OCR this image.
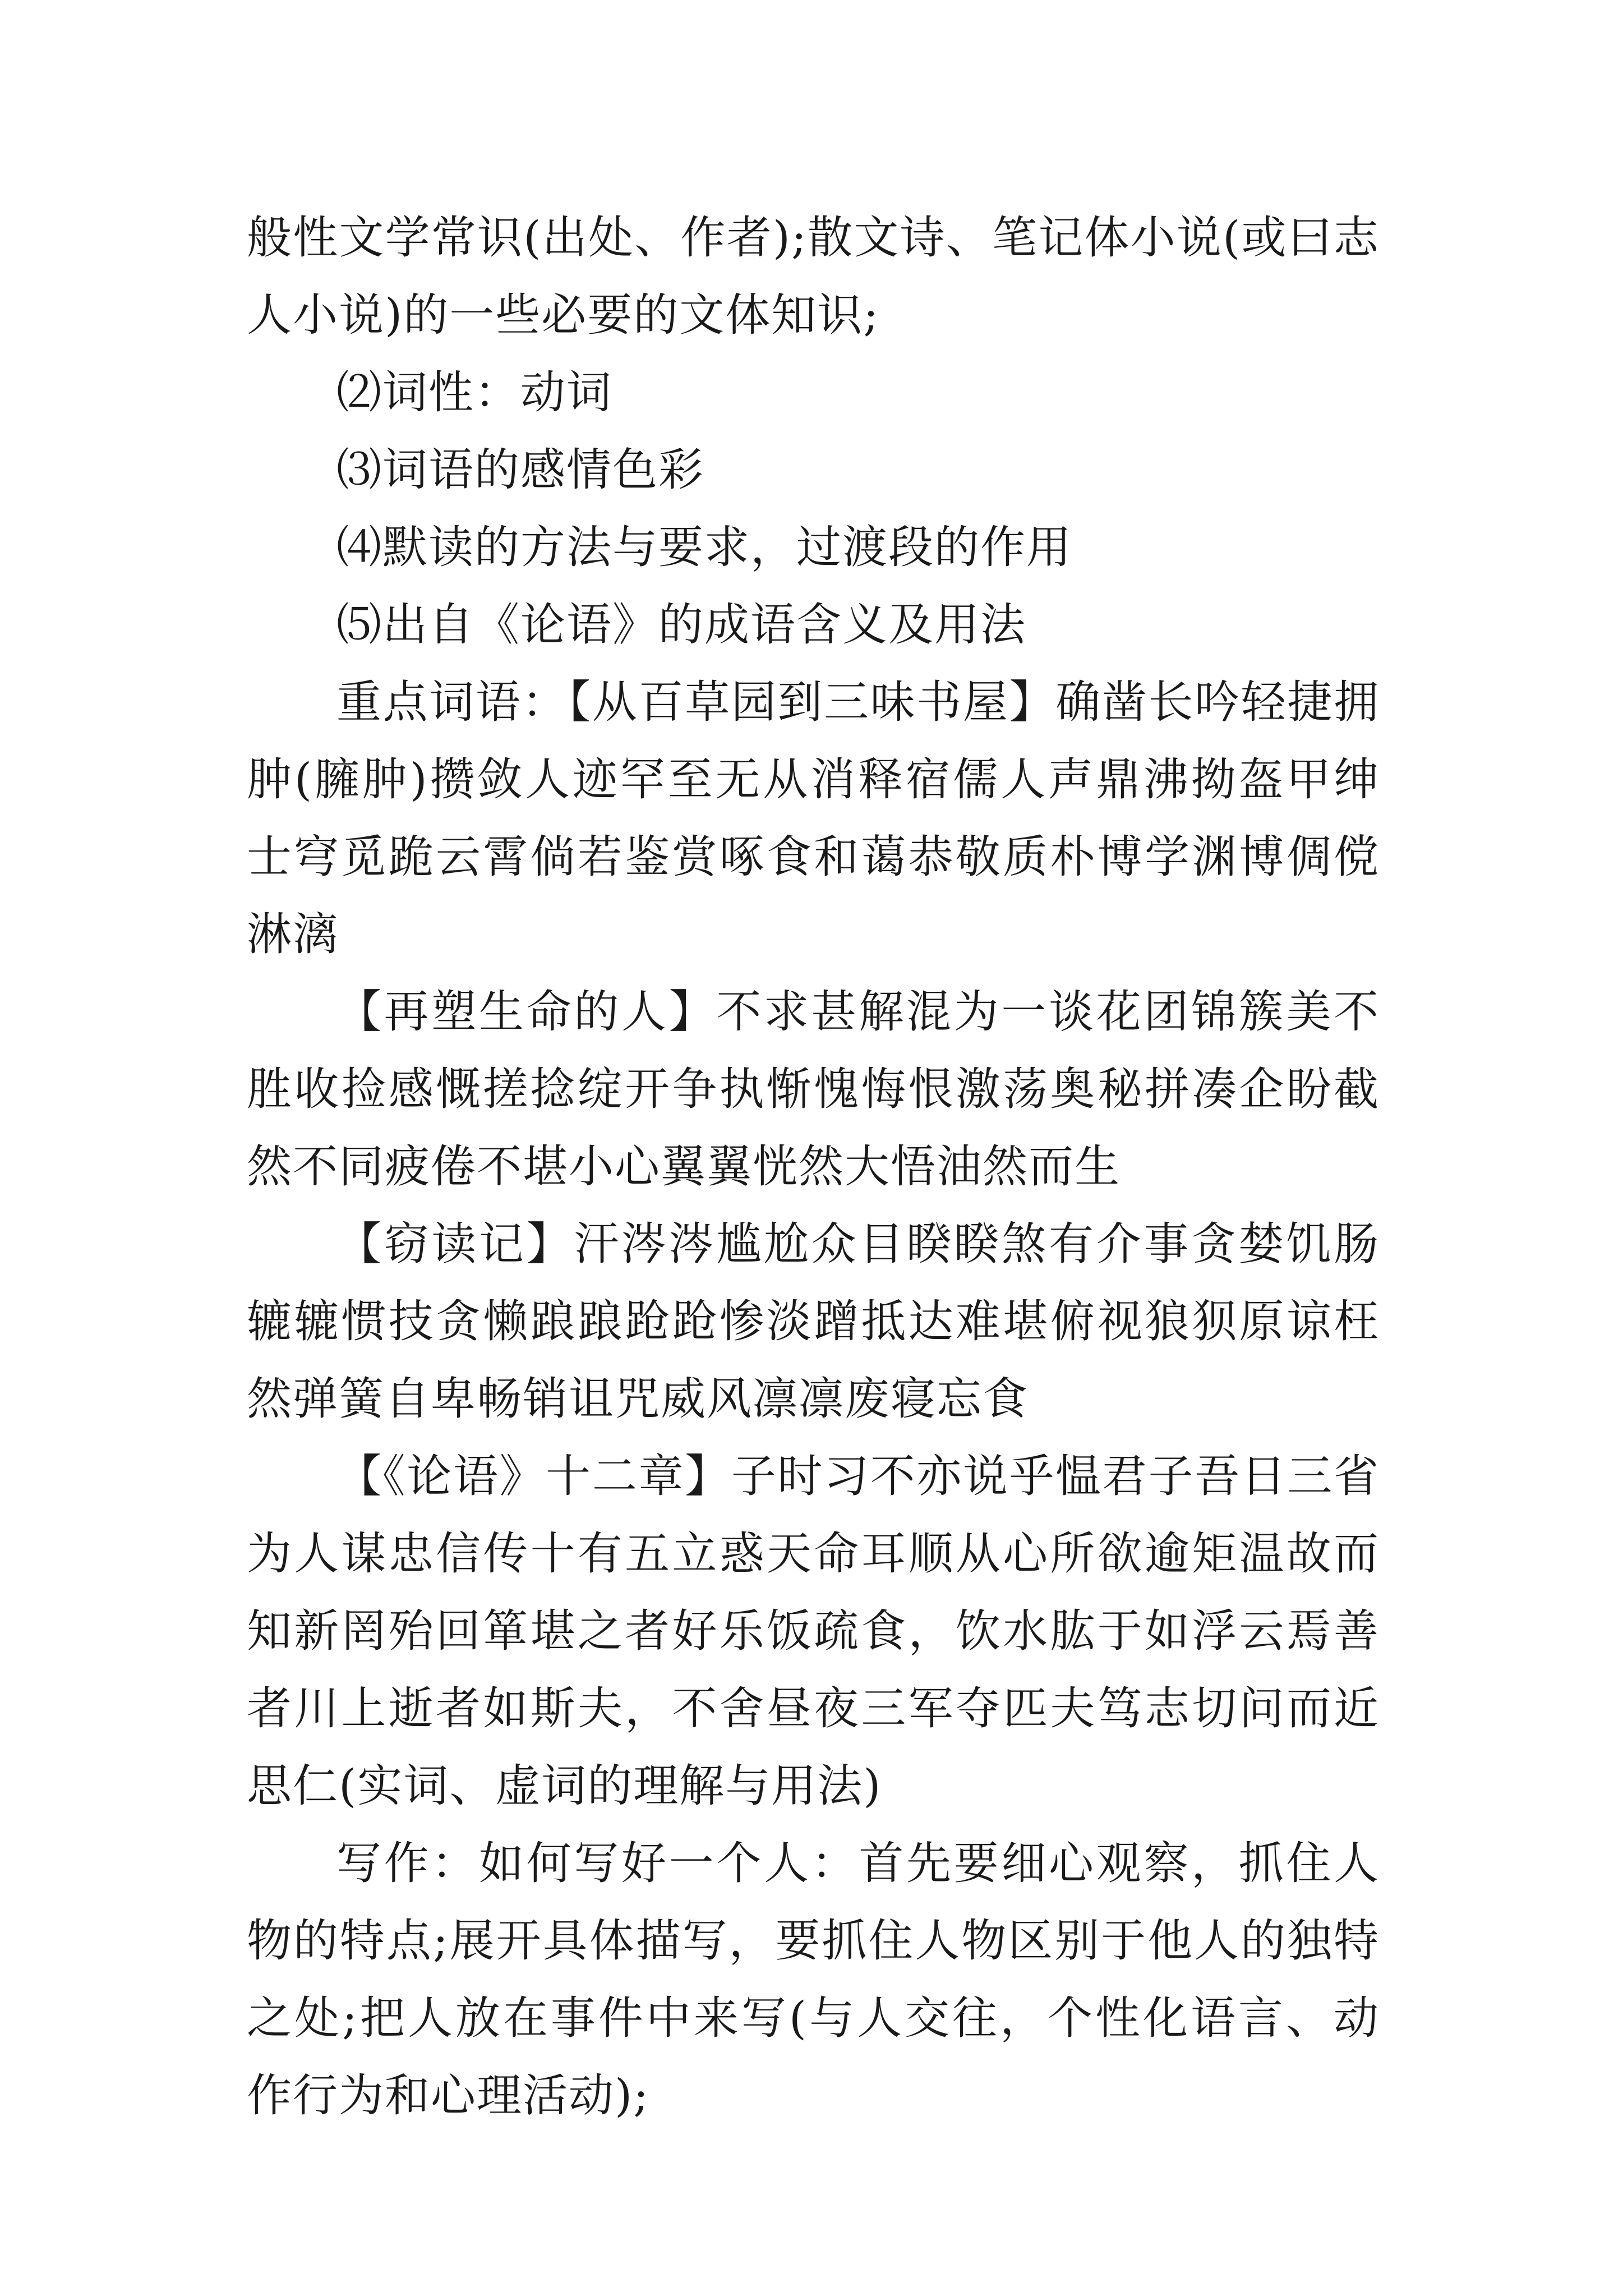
般性文学常识(出处、作者);散文诗、笔记体小说(或曰志人小说)的一些必要的文体知识;

⑵词性：动词

⑶词语的感情色彩

⑷默读的方法与要求，过渡段的作用

⑸出自《论语》的成语含义及用法

重点词语：【从百草园到三味书屋】确凿长吟轻捷拥肿(臃肿)攒敛人迹罕至无从消释宿儒人声鼎沸拗盔甲绅士穹觅跪云霄倘若鉴赏啄食和蔼恭敬质朴博学渊博倜傥淋漓

【再塑生命的人】不求甚解混为一谈花团锦簇美不胜收捡感慨搓捻绽开争执惭愧悔恨激荡奥秘拼凑企盼截然不同疲倦不堪小心翼翼恍然大悟油然而生

【窃读记】汗涔涔尴尬众目睽睽煞有介事贪婪饥肠辘辘惯技贪懒踉踉跄跄惨淡蹭抵达难堪俯视狼狈原谅枉然弹簧自卑畅销诅咒威风凛凛废寝忘食

【《论语》十二章】子时习不亦说乎愠君子吾日三省为人谋忠信传十有五立惑天命耳顺从心所欲逾矩温故而知新罔殆回箪堪之者好乐饭疏食，饮水肱于如浮云焉善者川上逝者如斯夫，不舍昼夜三军夺匹夫笃志切问而近思仁(实词、虚词的理解与用法)

写作：如何写好一个人：首先要细心观察，抓住人物的特点;展开具体描写，要抓住人物区别于他人的独特之处;把人放在事件中来写(与人交往，个性化语言、动作行为和心理活动);
